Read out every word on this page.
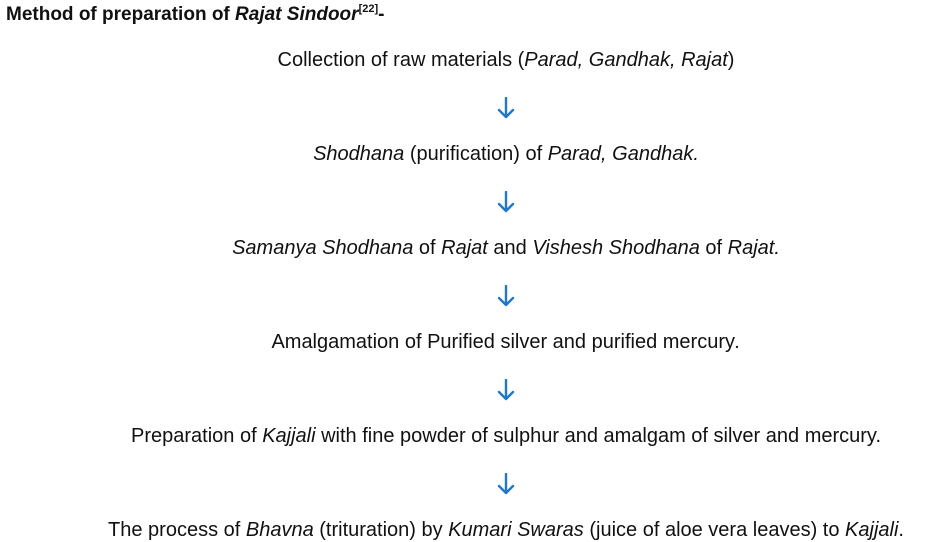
Method of preparation of Rajat Sindoor[22]-
Collection of raw materials (Parad, Gandhak, Rajat)
Shodhana (purification) of Parad, Gandhak.
Samanya Shodhana of Rajat and Vishesh Shodhana of Rajat.
Amalgamation of Purified silver and purified mercury.
Preparation of Kajjali with fine powder of sulphur and amalgam of silver and mercury.
The process of Bhavna (trituration) by Kumari Swaras (juice of aloe vera leaves) to Kajjali.
